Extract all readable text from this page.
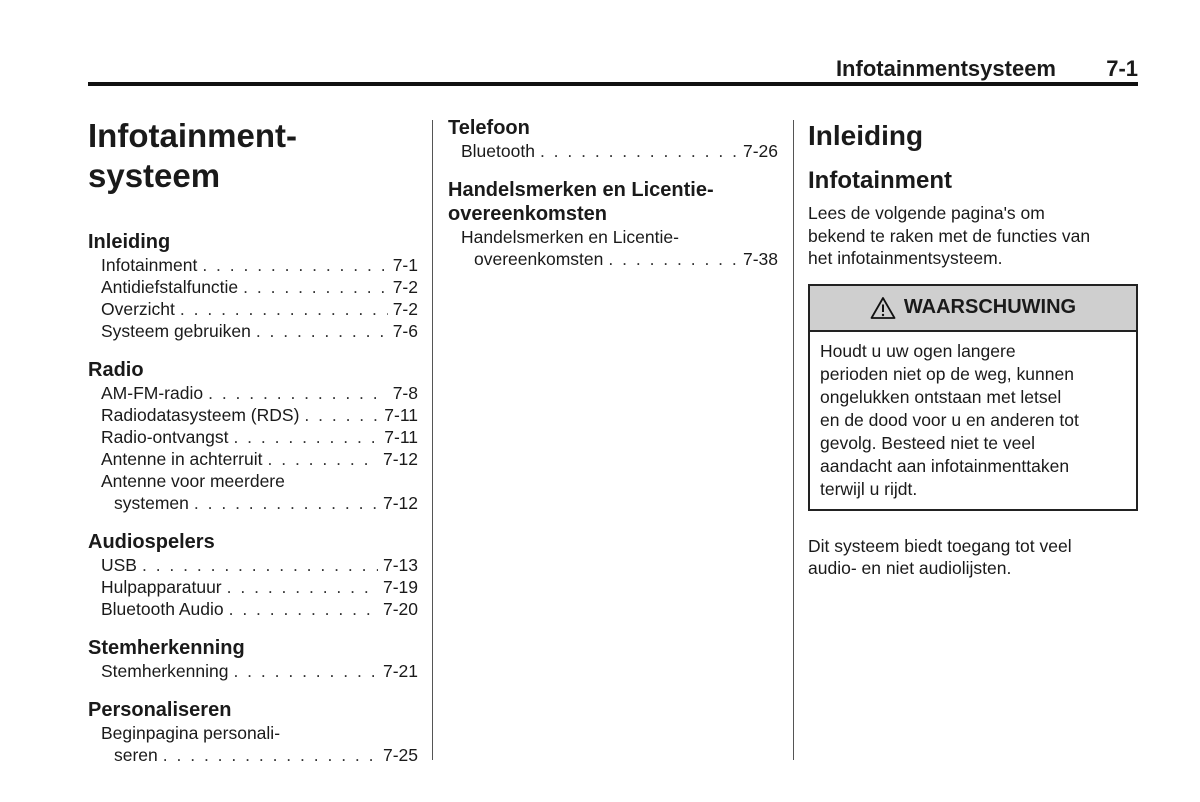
Infotainmentsysteem 7-1
Infotainment-
systeem
Inleiding
Infotainment . . .	7-1
Antidiefstalfunctie . . .	7-2
Overzicht . . .	7-2
Systeem gebruiken . . .	7-6
Radio
AM-FM-radio . . .	7-8
Radiodatasysteem (RDS) . . .	7-11
Radio-ontvangst . . .	7-11
Antenne in achterruit . . .	7-12
Antenne voor meerdere
systemen . . .	7-12
Audiospelers
USB . . .	7-13
Hulpapparatuur . . .	7-19
Bluetooth Audio . . .	7-20
Stemherkenning
Stemherkenning . . .	7-21
Personaliseren
Beginpagina personali-
seren . . .	7-25
Telefoon
Bluetooth . . .	7-26
Handelsmerken en Licentie-
overeenkomsten
Handelsmerken en Licentie-
overeenkomsten . . .	7-38
Inleiding
Infotainment

Lees de volgende pagina's om
bekend te raken met de functies van
het infotainmentsysteem.

WAARSCHUWING
Houdt u uw ogen langere
perioden niet op de weg, kunnen
ongelukken ontstaan met letsel
en de dood voor u en anderen tot
gevolg. Besteed niet te veel
aandacht aan infotainmenttaken
terwijl u rijdt.

Dit systeem biedt toegang tot veel
audio- en niet audiolijsten.
